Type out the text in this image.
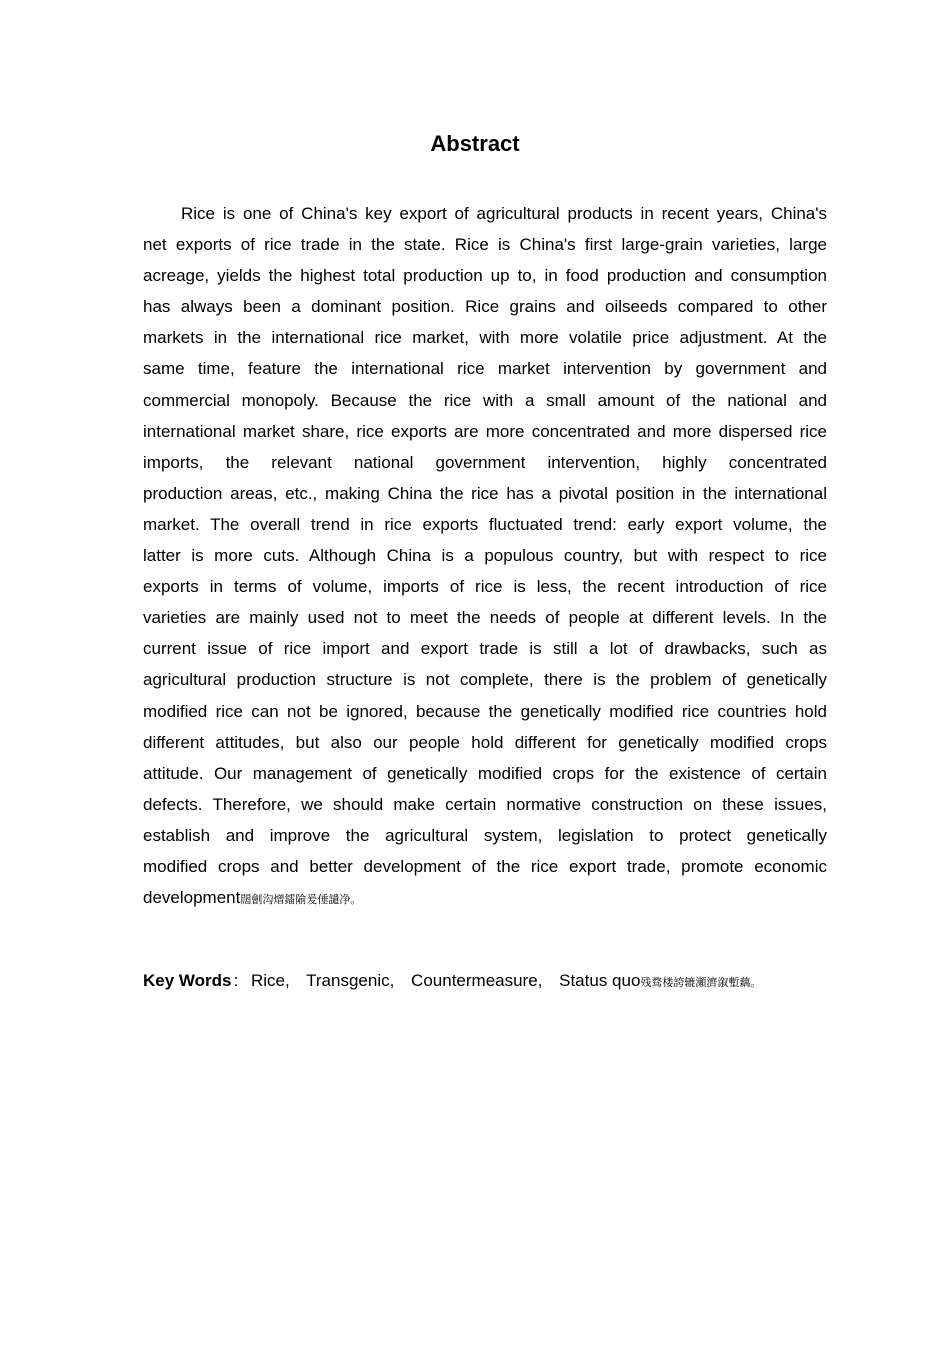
Abstract
Rice is one of China's key export of agricultural products in recent years, China's
net exports of rice trade in the state. Rice is China's first large-grain varieties, large
acreage, yields the highest total production up to, in food production and consumption
has always been a dominant position. Rice grains and oilseeds compared to other
markets in the international rice market, with more volatile price adjustment. At the
same time, feature the international rice market intervention by government and
commercial monopoly. Because the rice with a small amount of the national and
international market share, rice exports are more concentrated and more dispersed rice
imports, the relevant national government intervention, highly concentrated
production areas, etc., making China the rice has a pivotal position in the international
market. The overall trend in rice exports fluctuated trend: early export volume, the
latter is more cuts. Although China is a populous country, but with respect to rice
exports in terms of volume, imports of rice is less, the recent introduction of rice
varieties are mainly used not to meet the needs of people at different levels. In the
current issue of rice import and export trade is still a lot of drawbacks, such as
agricultural production structure is not complete, there is the problem of genetically
modified rice can not be ignored, because the genetically modified rice countries hold
different attitudes, but also our people hold different for genetically modified crops
attitude. Our management of genetically modified crops for the existence of certain
defects. Therefore, we should make certain normative construction on these issues,
establish and improve the agricultural system, legislation to protect genetically
modified crops and better development of the rice export trade, promote economic
development闊劊沟熷鐳隃爰倕譴净。
Key Words : Rice, Transgenic, Countermeasure, Status quo残骛楼誇辘瀬濟溆塹藕。
